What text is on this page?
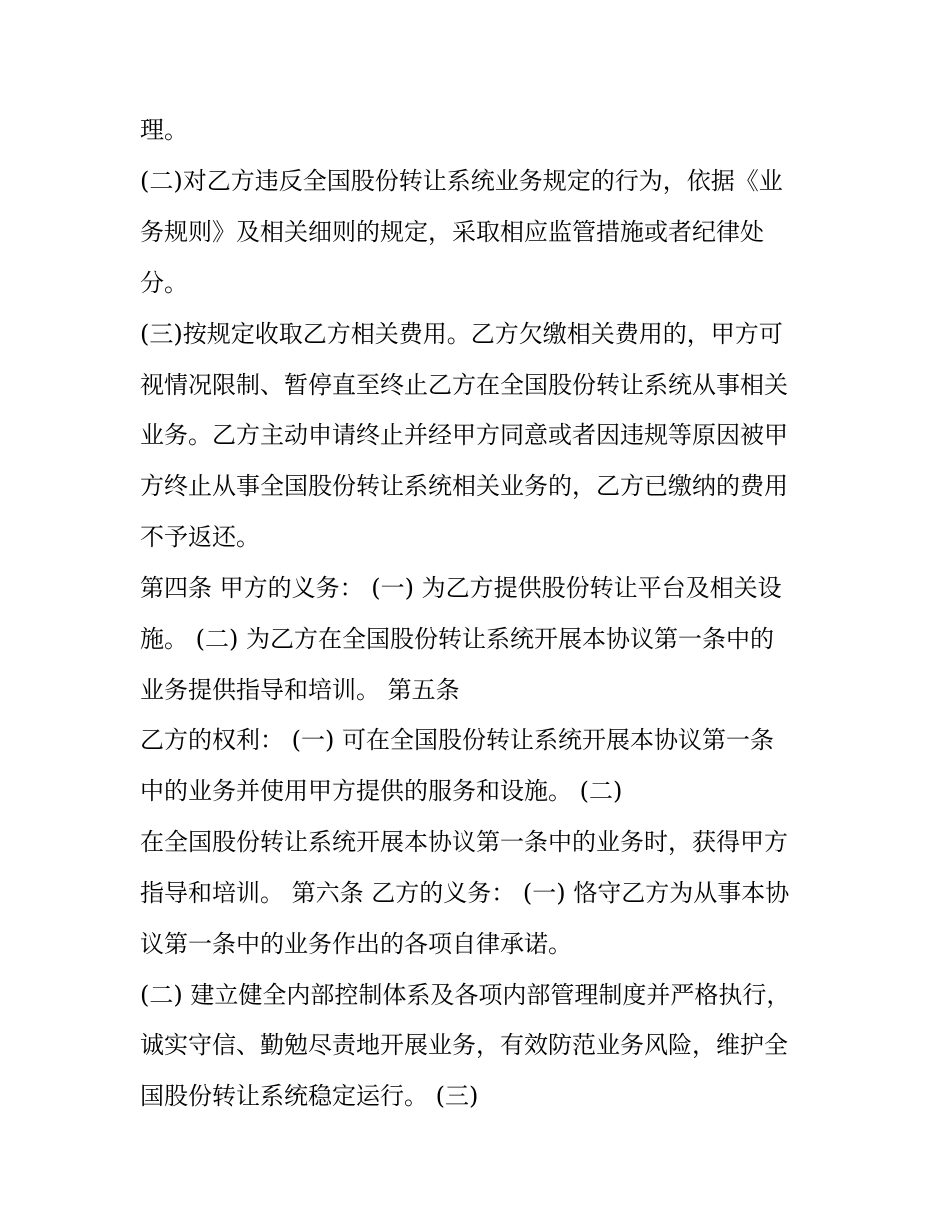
理。
(二)对乙方违反全国股份转让系统业务规定的行为，依据《业
务规则》及相关细则的规定，采取相应监管措施或者纪律处
分。
(三)按规定收取乙方相关费用。乙方欠缴相关费用的，甲方可
视情况限制、暂停直至终止乙方在全国股份转让系统从事相关
业务。乙方主动申请终止并经甲方同意或者因违规等原因被甲
方终止从事全国股份转让系统相关业务的，乙方已缴纳的费用
不予返还。
第四条 甲方的义务： (一) 为乙方提供股份转让平台及相关设
施。 (二) 为乙方在全国股份转让系统开展本协议第一条中的
业务提供指导和培训。 第五条
乙方的权利： (一) 可在全国股份转让系统开展本协议第一条
中的业务并使用甲方提供的服务和设施。 (二)
在全国股份转让系统开展本协议第一条中的业务时，获得甲方
指导和培训。 第六条 乙方的义务： (一) 恪守乙方为从事本协
议第一条中的业务作出的各项自律承诺。
(二) 建立健全内部控制体系及各项内部管理制度并严格执行，
诚实守信、勤勉尽责地开展业务，有效防范业务风险，维护全
国股份转让系统稳定运行。 (三)
